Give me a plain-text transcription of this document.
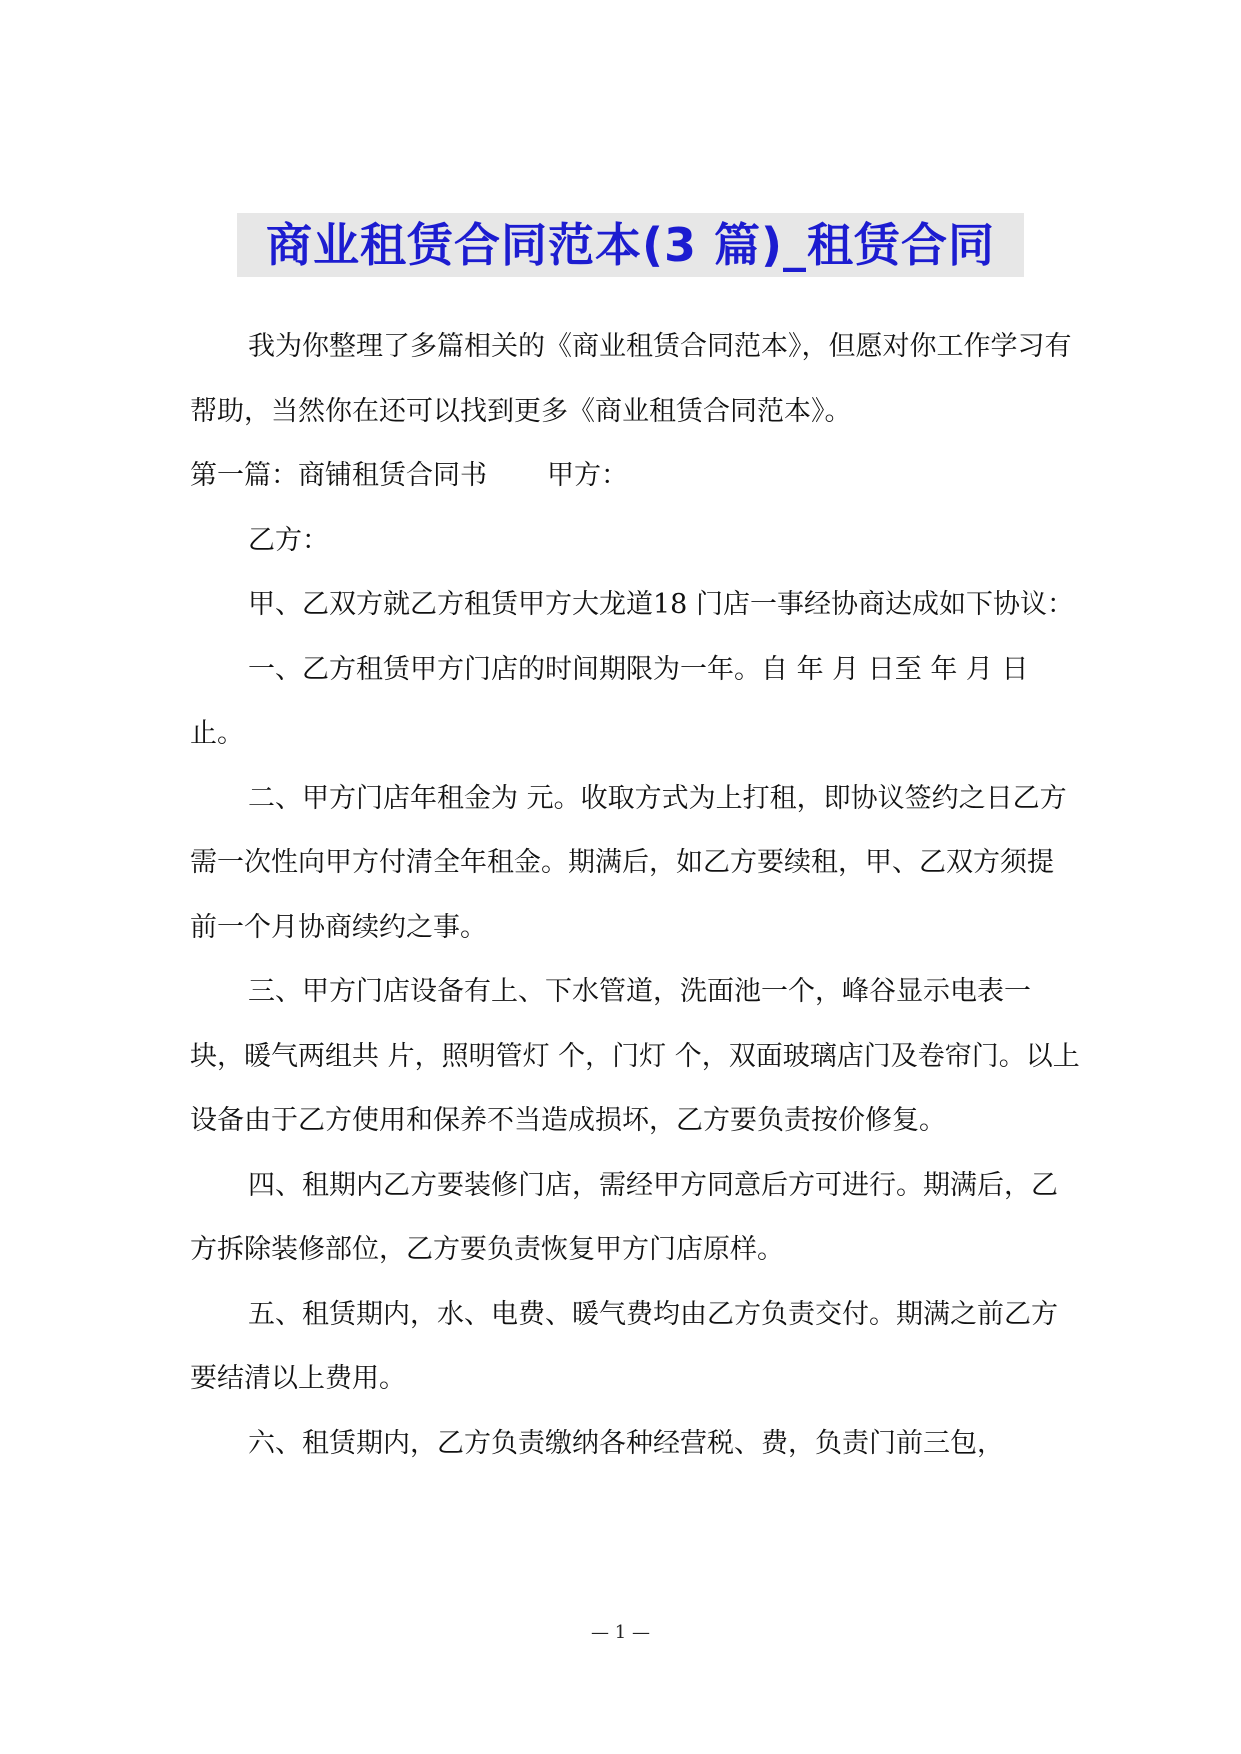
商业租赁合同范本(3 篇)_租赁合同

我为你整理了多篇相关的《商业租赁合同范本》，但愿对你工作学习有帮助，当然你在还可以找到更多《商业租赁合同范本》。

第一篇：商铺租赁合同书 甲方：

乙方：

甲、乙双方就乙方租赁甲方大龙道18 门店一事经协商达成如下协议：

一、乙方租赁甲方门店的时间期限为一年。自 年 月 日至 年 月 日止。

二、甲方门店年租金为 元。收取方式为上打租，即协议签约之日乙方需一次性向甲方付清全年租金。期满后，如乙方要续租，甲、乙双方须提前一个月协商续约之事。

三、甲方门店设备有上、下水管道，洗面池一个，峰谷显示电表一块，暖气两组共 片，照明管灯 个，门灯 个，双面玻璃店门及卷帘门。以上设备由于乙方使用和保养不当造成损坏，乙方要负责按价修复。

四、租期内乙方要装修门店，需经甲方同意后方可进行。期满后，乙方拆除装修部位，乙方要负责恢复甲方门店原样。

五、租赁期内，水、电费、暖气费均由乙方负责交付。期满之前乙方要结清以上费用。

六、租赁期内，乙方负责缴纳各种经营税、费，负责门前三包，

— 1 —
